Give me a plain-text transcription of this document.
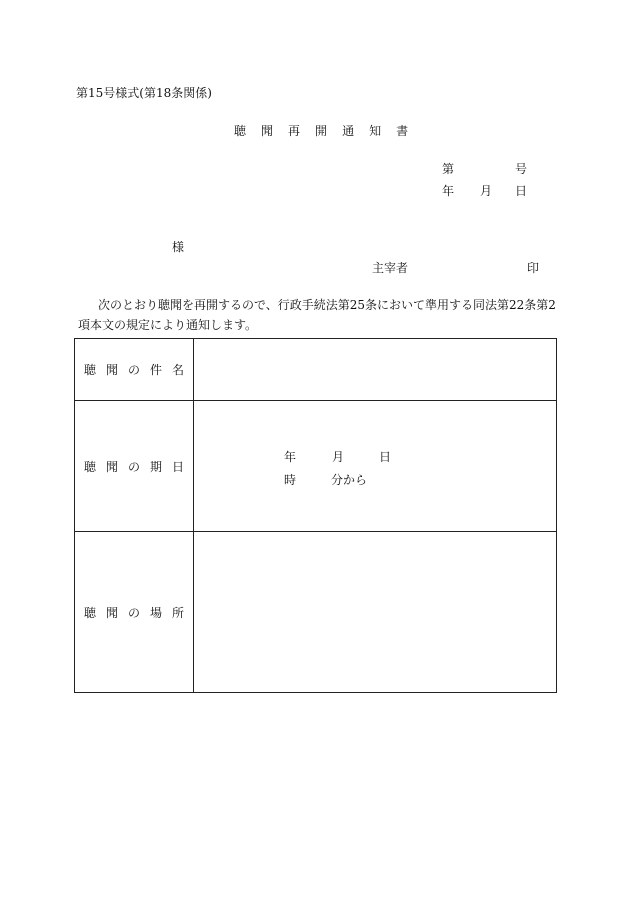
第15号様式(第18条関係)
聴 聞 再 開 通 知 書
第	号
年 月 日
様
主宰者	印
次のとおり聴聞を再開するので、行政手続法第25条において準用する同法第22条第2
項本文の規定により通知します。
聴 聞 の 件 名	
聴 聞 の 期 日	年 月 日
時 分から

聴 聞 の 場 所	
